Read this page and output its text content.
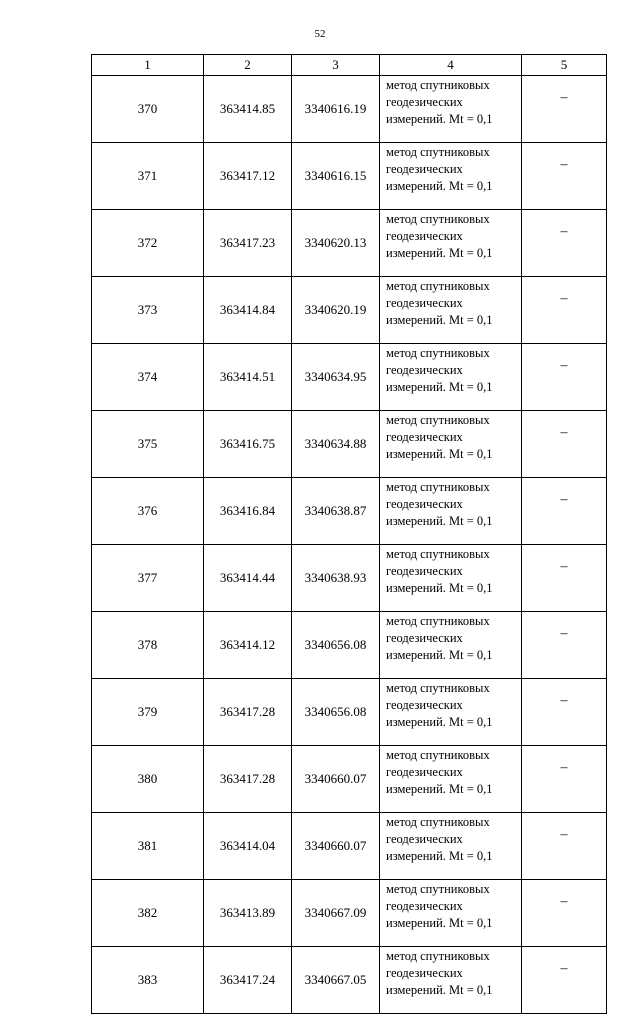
52
1	2	3	4	5
370	363414.85	3340616.19	метод спутниковых
геодезических
измерений. Mt = 0,1	–
371	363417.12	3340616.15	метод спутниковых
геодезических
измерений. Mt = 0,1	–
372	363417.23	3340620.13	метод спутниковых
геодезических
измерений. Mt = 0,1	–
373	363414.84	3340620.19	метод спутниковых
геодезических
измерений. Mt = 0,1	–
374	363414.51	3340634.95	метод спутниковых
геодезических
измерений. Mt = 0,1	–
375	363416.75	3340634.88	метод спутниковых
геодезических
измерений. Mt = 0,1	–
376	363416.84	3340638.87	метод спутниковых
геодезических
измерений. Mt = 0,1	–
377	363414.44	3340638.93	метод спутниковых
геодезических
измерений. Mt = 0,1	–
378	363414.12	3340656.08	метод спутниковых
геодезических
измерений. Mt = 0,1	–
379	363417.28	3340656.08	метод спутниковых
геодезических
измерений. Mt = 0,1	–
380	363417.28	3340660.07	метод спутниковых
геодезических
измерений. Mt = 0,1	–
381	363414.04	3340660.07	метод спутниковых
геодезических
измерений. Mt = 0,1	–
382	363413.89	3340667.09	метод спутниковых
геодезических
измерений. Mt = 0,1	–
383	363417.24	3340667.05	метод спутниковых
геодезических
измерений. Mt = 0,1	–
